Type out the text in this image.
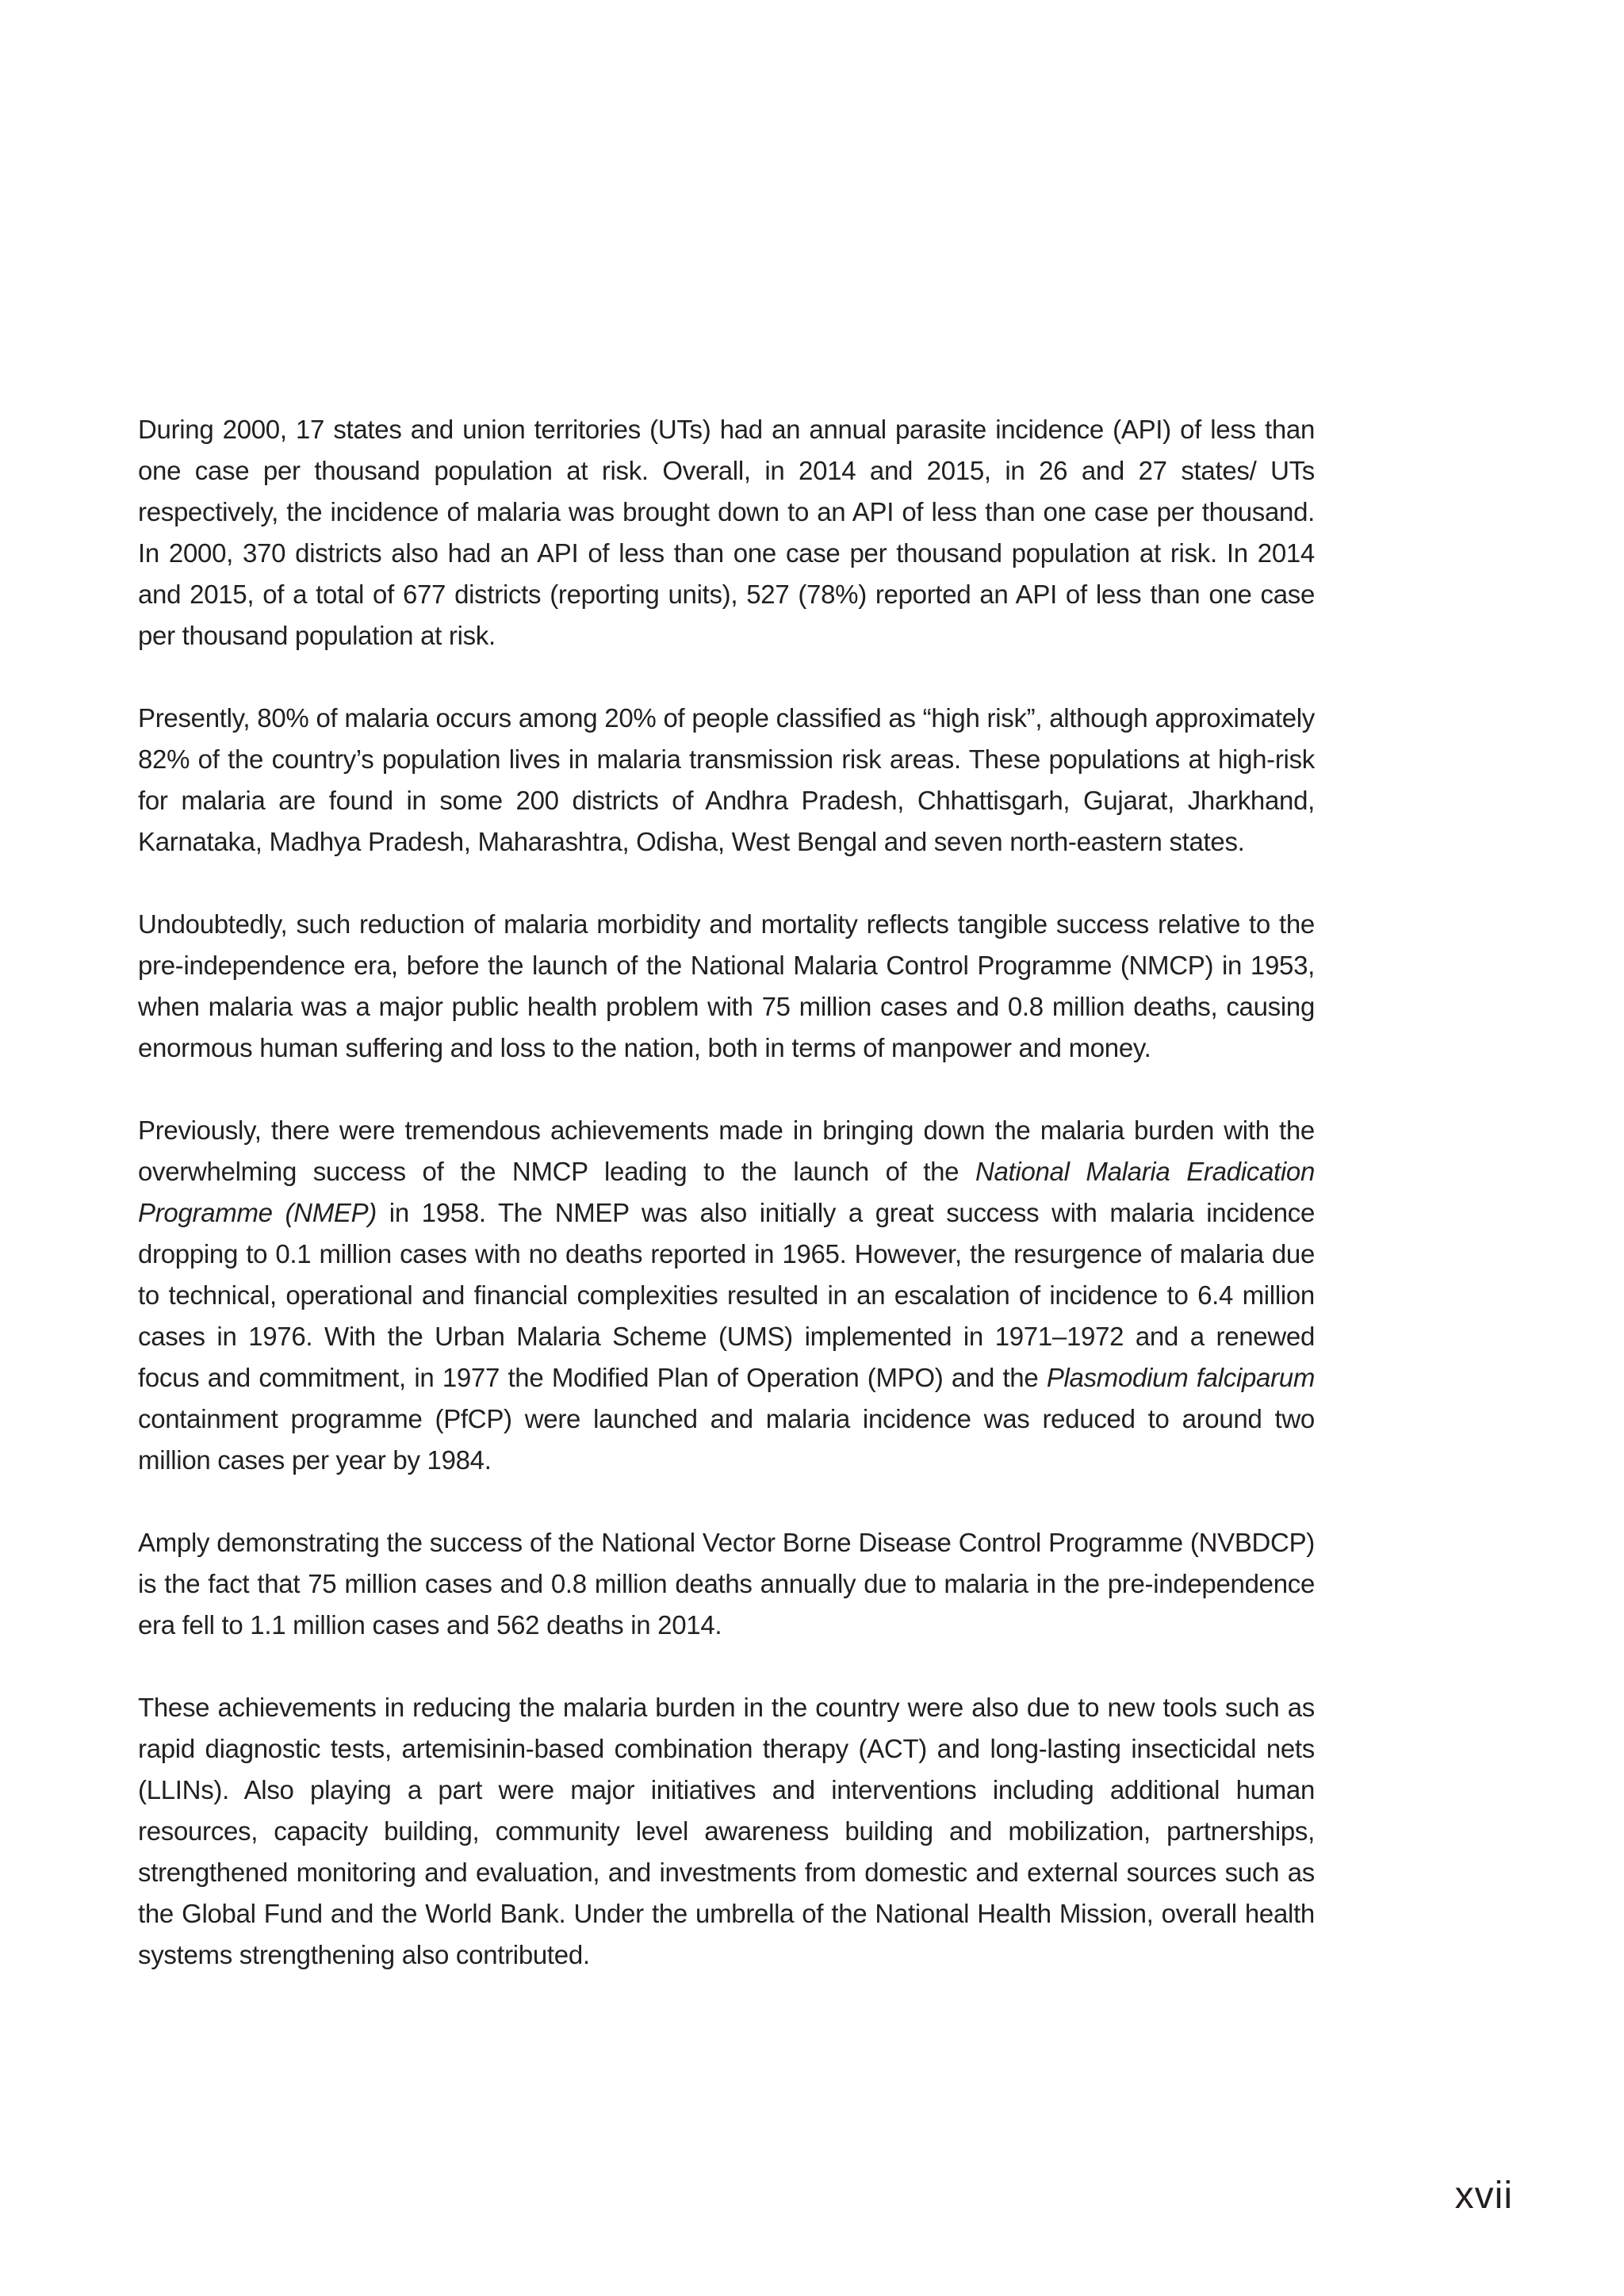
During 2000, 17 states and union territories (UTs) had an annual parasite incidence (API) of less than one case per thousand population at risk. Overall, in 2014 and 2015, in 26 and 27 states/ UTs respectively, the incidence of malaria was brought down to an API of less than one case per thousand. In 2000, 370 districts also had an API of less than one case per thousand population at risk. In 2014 and 2015, of a total of 677 districts (reporting units), 527 (78%) reported an API of less than one case per thousand population at risk.

Presently, 80% of malaria occurs among 20% of people classified as “high risk”, although approximately 82% of the country’s population lives in malaria transmission risk areas. These populations at high-risk for malaria are found in some 200 districts of Andhra Pradesh, Chhattisgarh, Gujarat, Jharkhand, Karnataka, Madhya Pradesh, Maharashtra, Odisha, West Bengal and seven north-eastern states.

Undoubtedly, such reduction of malaria morbidity and mortality reflects tangible success relative to the pre-independence era, before the launch of the National Malaria Control Programme (NMCP) in 1953, when malaria was a major public health problem with 75 million cases and 0.8 million deaths, causing enormous human suffering and loss to the nation, both in terms of manpower and money.

Previously, there were tremendous achievements made in bringing down the malaria burden with the overwhelming success of the NMCP leading to the launch of the National Malaria Eradication Programme (NMEP) in 1958. The NMEP was also initially a great success with malaria incidence dropping to 0.1 million cases with no deaths reported in 1965. However, the resurgence of malaria due to technical, operational and financial complexities resulted in an escalation of incidence to 6.4 million cases in 1976. With the Urban Malaria Scheme (UMS) implemented in 1971–1972 and a renewed focus and commitment, in 1977 the Modified Plan of Operation (MPO) and the Plasmodium falciparum containment programme (PfCP) were launched and malaria incidence was reduced to around two million cases per year by 1984.

Amply demonstrating the success of the National Vector Borne Disease Control Programme (NVBDCP) is the fact that 75 million cases and 0.8 million deaths annually due to malaria in the pre-independence era fell to 1.1 million cases and 562 deaths in 2014.

These achievements in reducing the malaria burden in the country were also due to new tools such as rapid diagnostic tests, artemisinin-based combination therapy (ACT) and long-lasting insecticidal nets (LLINs). Also playing a part were major initiatives and interventions including additional human resources, capacity building, community level awareness building and mobilization, partnerships, strengthened monitoring and evaluation, and investments from domestic and external sources such as the Global Fund and the World Bank. Under the umbrella of the National Health Mission, overall health systems strengthening also contributed.

xvii
